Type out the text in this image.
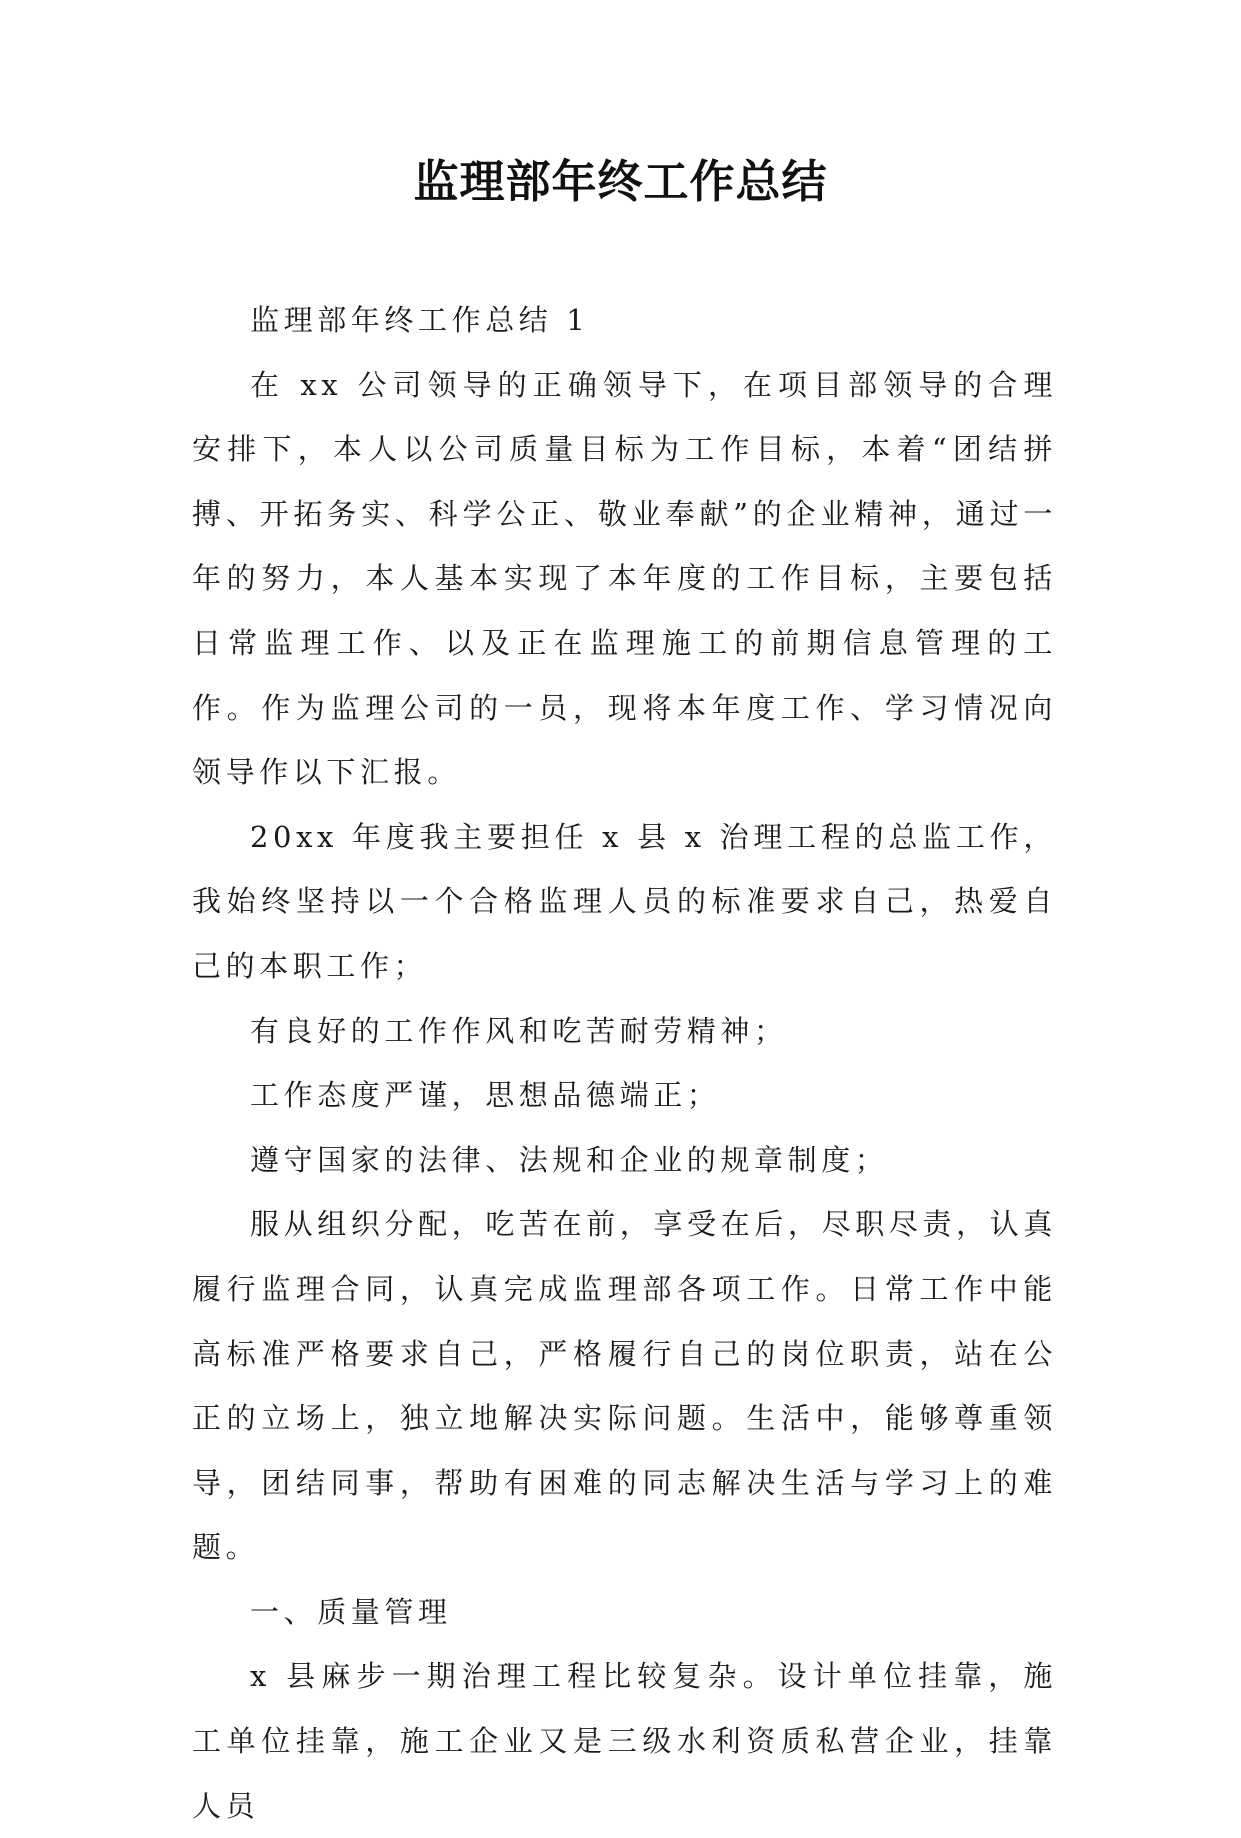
监理部年终工作总结

监理部年终工作总结 1

在 xx 公司领导的正确领导下，在项目部领导的合理安排下，本人以公司质量目标为工作目标，本着“团结拼搏、开拓务实、科学公正、敬业奉献”的企业精神，通过一年的努力，本人基本实现了本年度的工作目标，主要包括日常监理工作、以及正在监理施工的前期信息管理的工作。作为监理公司的一员，现将本年度工作、学习情况向领导作以下汇报。

20xx 年度我主要担任 x 县 x 治理工程的总监工作，我始终坚持以一个合格监理人员的标准要求自己，热爱自己的本职工作；

有良好的工作作风和吃苦耐劳精神；

工作态度严谨，思想品德端正；

遵守国家的法律、法规和企业的规章制度；

服从组织分配，吃苦在前，享受在后，尽职尽责，认真履行监理合同，认真完成监理部各项工作。日常工作中能高标准严格要求自己，严格履行自己的岗位职责，站在公正的立场上，独立地解决实际问题。生活中，能够尊重领导，团结同事，帮助有困难的同志解决生活与学习上的难题。

一、质量管理

x 县麻步一期治理工程比较复杂。设计单位挂靠，施工单位挂靠，施工企业又是三级水利资质私营企业，挂靠人员
